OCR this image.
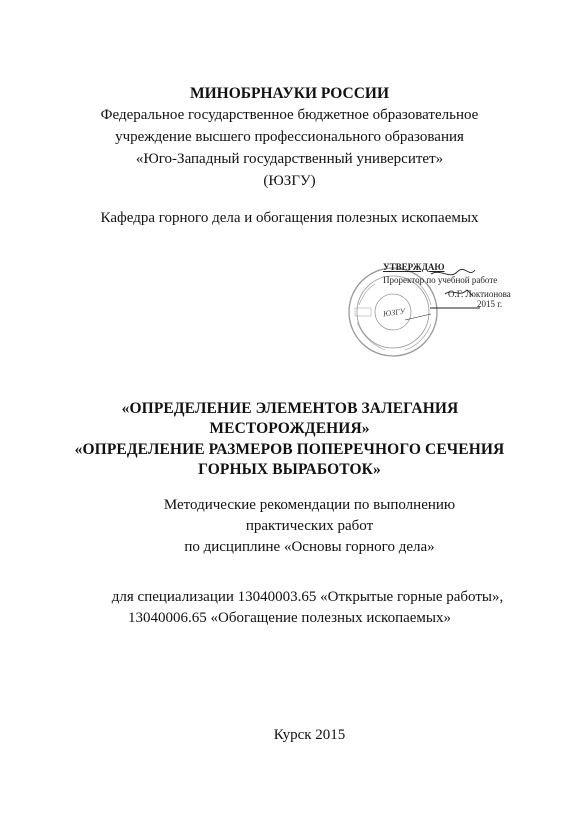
МИНОБРНАУКИ РОССИИ
Федеральное государственное бюджетное образовательное
учреждение высшего профессионального образования
«Юго-Западный государственный университет»
(ЮЗГУ)
Кафедра горного дела и обогащения полезных ископаемых
УТВЕРЖДАЮ
Проректор по учебной работе
О.Г. Локтионова
2015 г.
ЮЗГУ
«ОПРЕДЕЛЕНИЕ ЭЛЕМЕНТОВ ЗАЛЕГАНИЯ
МЕСТОРОЖДЕНИЯ»
«ОПРЕДЕЛЕНИЕ РАЗМЕРОВ ПОПЕРЕЧНОГО СЕЧЕНИЯ
ГОРНЫХ ВЫРАБОТОК»
Методические рекомендации по выполнению
практических работ
по дисциплине «Основы горного дела»
для специализации 13040003.65 «Открытые горные работы»,
13040006.65 «Обогащение полезных ископаемых»
Курск 2015
